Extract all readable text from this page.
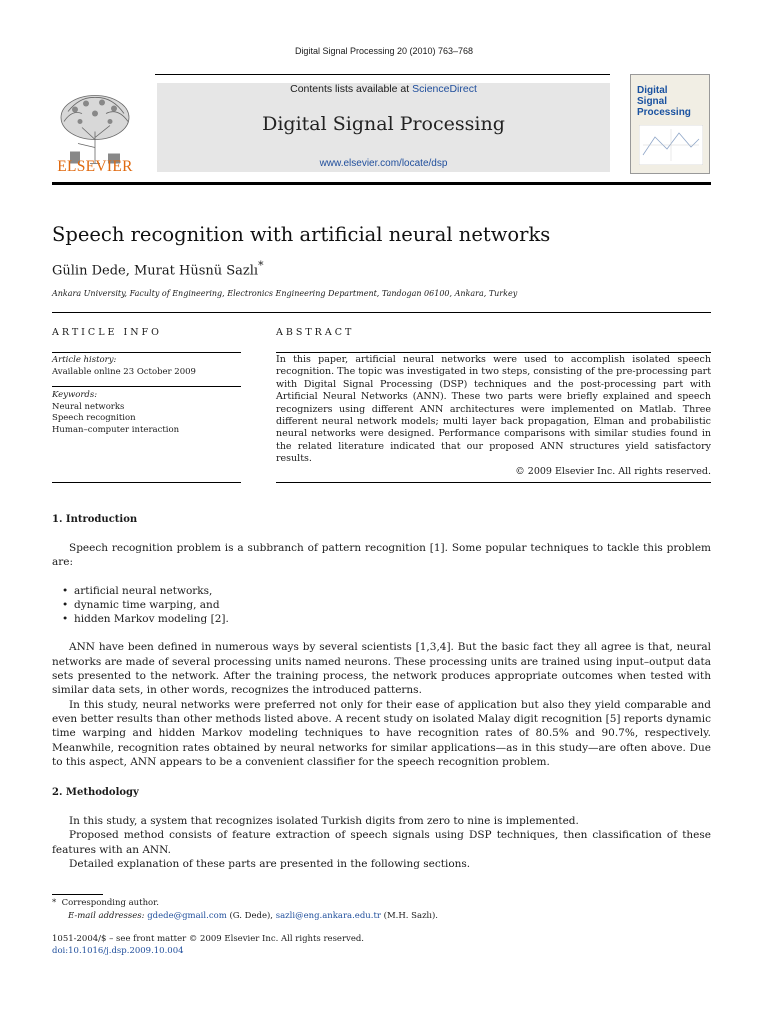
Digital Signal Processing 20 (2010) 763–768
ELSEVIER
Contents lists available at ScienceDirect
Digital Signal Processing
www.elsevier.com/locate/dsp
Digital
Signal
Processing
Speech recognition with artificial neural networks
Gülin Dede, Murat Hüsnü Sazlı*
Ankara University, Faculty of Engineering, Electronics Engineering Department, Tandogan 06100, Ankara, Turkey
ARTICLE INFO	ABSTRACT
Article history:
Available online 23 October 2009
Keywords:
Neural networks
Speech recognition
Human–computer interaction
In this paper, artificial neural networks were used to accomplish isolated speech recognition. The topic was investigated in two steps, consisting of the pre-processing part with Digital Signal Processing (DSP) techniques and the post-processing part with Artificial Neural Networks (ANN). These two parts were briefly explained and speech recognizers using different ANN architectures were implemented on Matlab. Three different neural network models; multi layer back propagation, Elman and probabilistic neural networks were designed. Performance comparisons with similar studies found in the related literature indicated that our proposed ANN structures yield satisfactory results.
© 2009 Elsevier Inc. All rights reserved.
1. Introduction

Speech recognition problem is a subbranch of pattern recognition [1]. Some popular techniques to tackle this problem are:

• artificial neural networks,
• dynamic time warping, and
• hidden Markov modeling [2].

ANN have been defined in numerous ways by several scientists [1,3,4]. But the basic fact they all agree is that, neural networks are made of several processing units named neurons. These processing units are trained using input–output data sets presented to the network. After the training process, the network produces appropriate outcomes when tested with similar data sets, in other words, recognizes the introduced patterns.

In this study, neural networks were preferred not only for their ease of application but also they yield comparable and even better results than other methods listed above. A recent study on isolated Malay digit recognition [5] reports dynamic time warping and hidden Markov modeling techniques to have recognition rates of 80.5% and 90.7%, respectively. Meanwhile, recognition rates obtained by neural networks for similar applications—as in this study—are often above. Due to this aspect, ANN appears to be a convenient classifier for the speech recognition problem.

2. Methodology

In this study, a system that recognizes isolated Turkish digits from zero to nine is implemented.

Proposed method consists of feature extraction of speech signals using DSP techniques, then classification of these features with an ANN.

Detailed explanation of these parts are presented in the following sections.

* Corresponding author.
E-mail addresses: gdede@gmail.com (G. Dede), sazli@eng.ankara.edu.tr (M.H. Sazlı).
1051-2004/$ – see front matter © 2009 Elsevier Inc. All rights reserved.
doi:10.1016/j.dsp.2009.10.004
